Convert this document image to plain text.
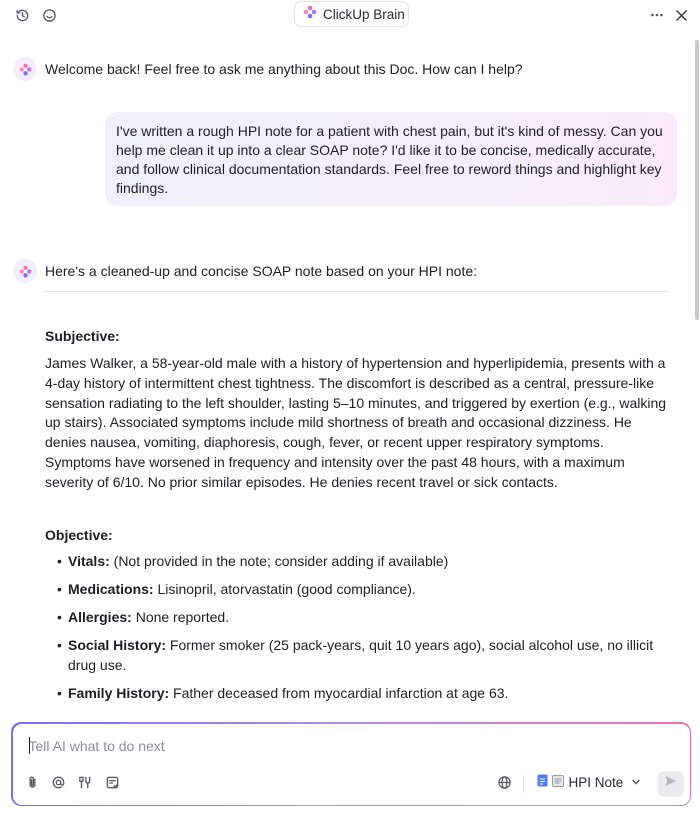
ClickUp Brain
Welcome back! Feel free to ask me anything about this Doc. How can I help?

I've written a rough HPI note for a patient with chest pain, but it's kind of messy. Can you help me clean it up into a clear SOAP note? I'd like it to be concise, medically accurate, and follow clinical documentation standards. Feel free to reword things and highlight key findings.

Here's a cleaned-up and concise SOAP note based on your HPI note:
Subjective:
James Walker, a 58-year-old male with a history of hypertension and hyperlipidemia, presents with a 4-day history of intermittent chest tightness. The discomfort is described as a central, pressure-like sensation radiating to the left shoulder, lasting 5–10 minutes, and triggered by exertion (e.g., walking up stairs). Associated symptoms include mild shortness of breath and occasional dizziness. He denies nausea, vomiting, diaphoresis, cough, fever, or recent upper respiratory symptoms. Symptoms have worsened in frequency and intensity over the past 48 hours, with a maximum severity of 6/10. No prior similar episodes. He denies recent travel or sick contacts.
Objective:
• Vitals: (Not provided in the note; consider adding if available)
• Medications: Lisinopril, atorvastatin (good compliance).
• Allergies: None reported.
• Social History: Former smoker (25 pack-years, quit 10 years ago), social alcohol use, no illicit drug use.
• Family History: Father deceased from myocardial infarction at age 63.
Tell AI what to do next
HPI Note
